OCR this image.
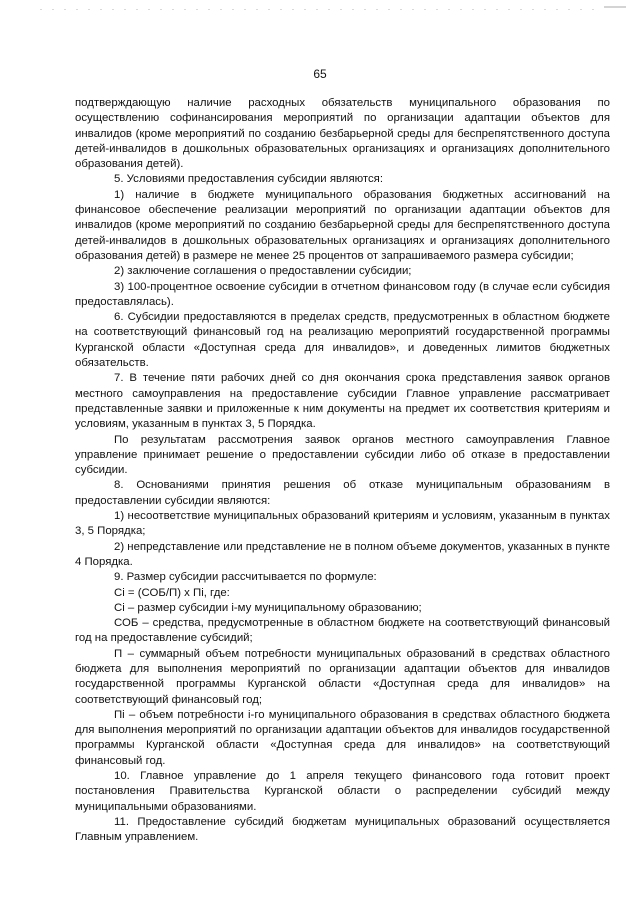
65

подтверждающую наличие расходных обязательств муниципального образования по осуществлению софинансирования мероприятий по организации адаптации объектов для инвалидов (кроме мероприятий по созданию безбарьерной среды для беспрепятственного доступа детей-инвалидов в дошкольных образовательных организациях и организациях дополнительного образования детей).

5. Условиями предоставления субсидии являются:

1) наличие в бюджете муниципального образования бюджетных ассигнований на финансовое обеспечение реализации мероприятий по организации адаптации объектов для инвалидов (кроме мероприятий по созданию безбарьерной среды для беспрепятственного доступа детей-инвалидов в дошкольных образовательных организациях и организациях дополнительного образования детей) в размере не менее 25 процентов от запрашиваемого размера субсидии;

2) заключение соглашения о предоставлении субсидии;

3) 100-процентное освоение субсидии в отчетном финансовом году (в случае если субсидия предоставлялась).

6. Субсидии предоставляются в пределах средств, предусмотренных в областном бюджете на соответствующий финансовый год на реализацию мероприятий государственной программы Курганской области «Доступная среда для инвалидов», и доведенных лимитов бюджетных обязательств.

7. В течение пяти рабочих дней со дня окончания срока представления заявок органов местного самоуправления на предоставление субсидии Главное управление рассматривает представленные заявки и приложенные к ним документы на предмет их соответствия критериям и условиям, указанным в пунктах 3, 5 Порядка.

По результатам рассмотрения заявок органов местного самоуправления Главное управление принимает решение о предоставлении субсидии либо об отказе в предоставлении субсидии.

8. Основаниями принятия решения об отказе муниципальным образованиям в предоставлении субсидии являются:

1) несоответствие муниципальных образований критериям и условиям, указанным в пунктах 3, 5 Порядка;

2) непредставление или представление не в полном объеме документов, указанных в пункте 4 Порядка.

9. Размер субсидии рассчитывается по формуле:

Сi = (СОБ/П) х Пi, где:

Сi – размер субсидии i-му муниципальному образованию;

СОБ – средства, предусмотренные в областном бюджете на соответствующий финансовый год на предоставление субсидий;

П – суммарный объем потребности муниципальных образований в средствах областного бюджета для выполнения мероприятий по организации адаптации объектов для инвалидов государственной программы Курганской области «Доступная среда для инвалидов» на соответствующий финансовый год;

Пi – объем потребности i-го муниципального образования в средствах областного бюджета для выполнения мероприятий по организации адаптации объектов для инвалидов государственной программы Курганской области «Доступная среда для инвалидов» на соответствующий финансовый год.

10. Главное управление до 1 апреля текущего финансового года готовит проект постановления Правительства Курганской области о распределении субсидий между муниципальными образованиями.

11. Предоставление субсидий бюджетам муниципальных образований осуществляется Главным управлением.
